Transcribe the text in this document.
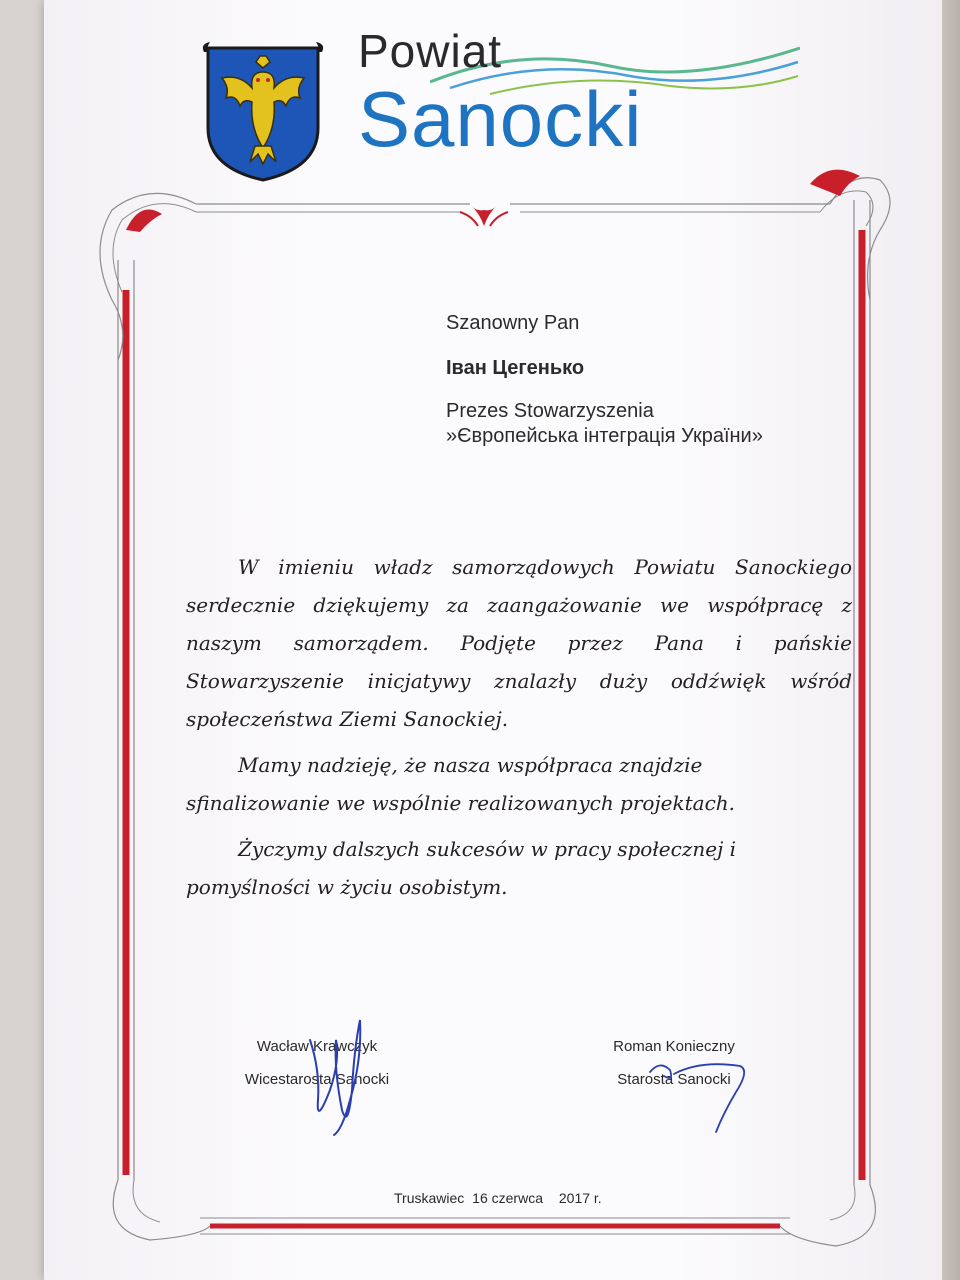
Powiat
Sanocki

Szanowny Pan

Іван Цегенько

Prezes Stowarzyszenia

»Європейська інтеграція України»

W imieniu władz samorządowych Powiatu Sanockiego serdecznie dziękujemy za zaangażowanie we współpracę z naszym samorządem. Podjęte przez Pana i pańskie Stowarzyszenie inicjatywy znalazły duży oddźwięk wśród społeczeństwa Ziemi Sanockiej.

Mamy nadzieję, że nasza współpraca znajdzie sfinalizowanie we wspólnie realizowanych projektach.

Życzymy dalszych sukcesów w pracy społecznej i pomyślności w życiu osobistym.

Wacław Krawczyk
Wicestarosta Sanocki
Roman Konieczny
Starosta Sanocki
Truskawiec 16 czerwca 2017 r.
